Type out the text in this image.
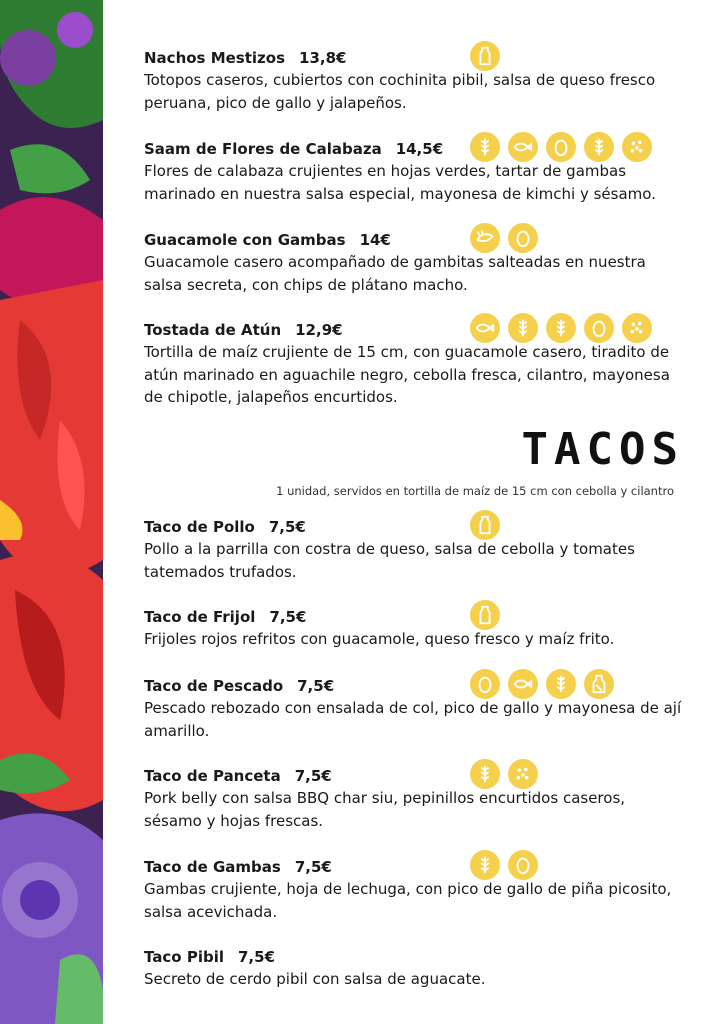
Nachos Mestizos 13,8€
Totopos caseros, cubiertos con cochinita pibil, salsa de queso fresco peruana, pico de gallo y jalapeños.
Saam de Flores de Calabaza 14,5€
Flores de calabaza crujientes en hojas verdes, tartar de gambas marinado en nuestra salsa especial, mayonesa de kimchi y sésamo.
Guacamole con Gambas 14€
Guacamole casero acompañado de gambitas salteadas en nuestra salsa secreta, con chips de plátano macho.
Tostada de Atún 12,9€
Tortilla de maíz crujiente de 15 cm, con guacamole casero, tiradito de atún marinado en aguachile negro, cebolla fresca, cilantro, mayonesa de chipotle, jalapeños encurtidos.
Taco de Pollo 7,5€
Pollo a la parrilla con costra de queso, salsa de cebolla y tomates tatemados trufados.
Taco de Frijol 7,5€
Frijoles rojos refritos con guacamole, queso fresco y maíz frito.
Taco de Pescado 7,5€
Pescado rebozado con ensalada de col, pico de gallo y mayonesa de ají amarillo.
Taco de Panceta 7,5€
Pork belly con salsa BBQ char siu, pepinillos encurtidos caseros, sésamo y hojas frescas.
Taco de Gambas 7,5€
Gambas crujiente, hoja de lechuga, con pico de gallo de piña picosito, salsa acevichada.
Taco Pibil 7,5€
Secreto de cerdo pibil con salsa de aguacate.
TACOS
1 unidad, servidos en tortilla de maíz de 15 cm con cebolla y cilantro
